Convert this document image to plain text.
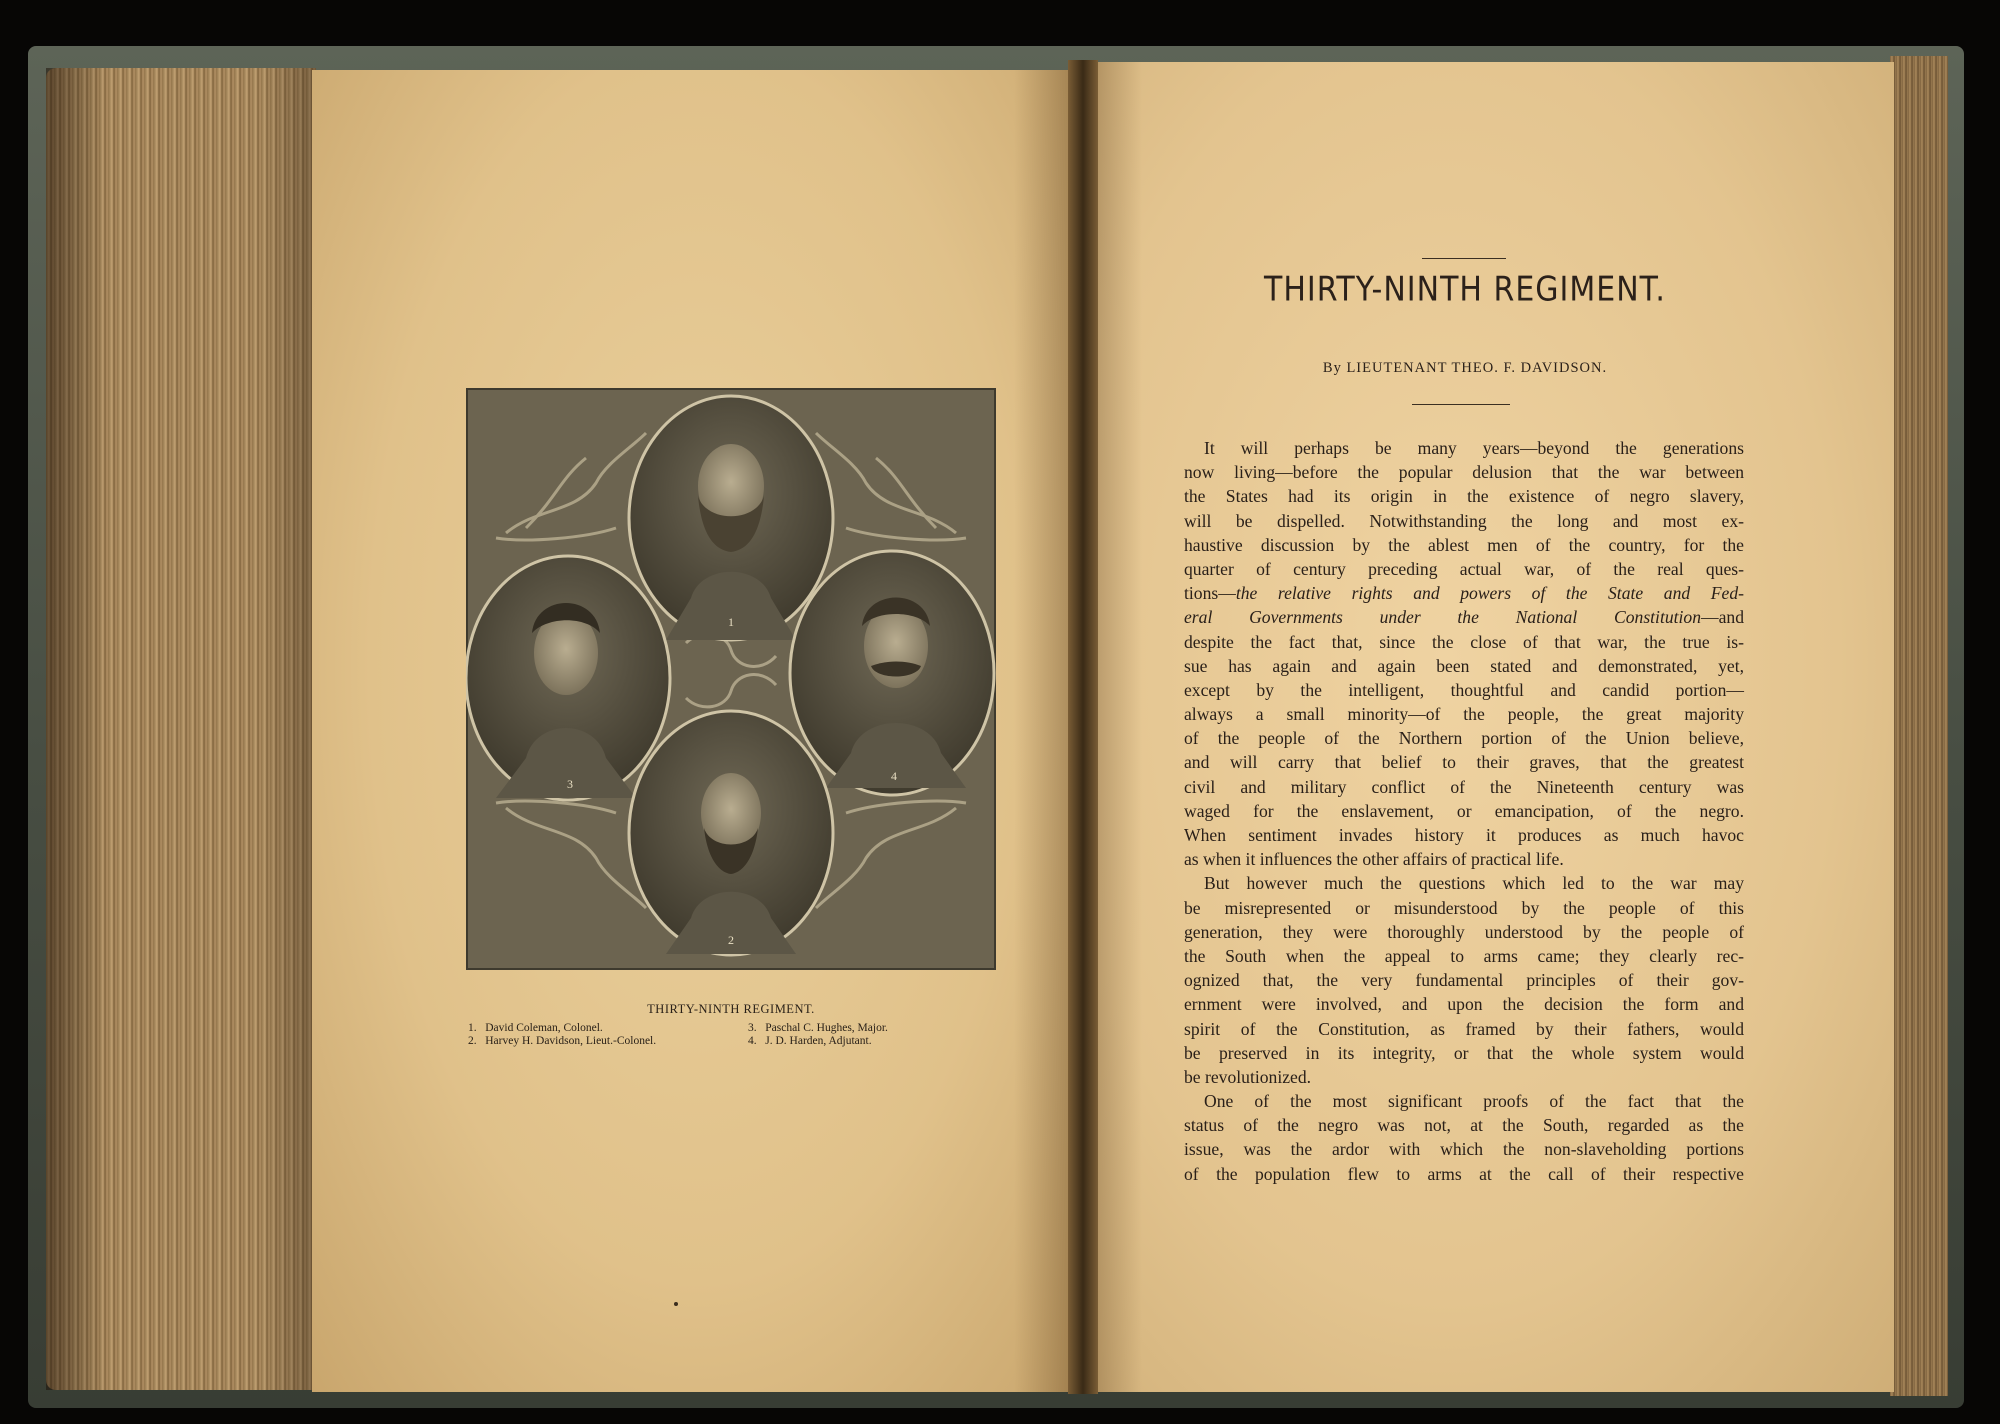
1
3
4
2
THIRTY-NINTH REGIMENT.
1. David Coleman, Colonel.
2. Harvey H. Davidson, Lieut.-Colonel.
3. Paschal C. Hughes, Major.
4. J. D. Harden, Adjutant.
THIRTY-NINTH REGIMENT.
By LIEUTENANT THEO. F. DAVIDSON.
It will perhaps be many years—beyond the generations
now living—before the popular delusion that the war between
the States had its origin in the existence of negro slavery,
will be dispelled. Notwithstanding the long and most ex-
haustive discussion by the ablest men of the country, for the
quarter of century preceding actual war, of the real ques-
tions—the relative rights and powers of the State and Fed-
eral Governments under the National Constitution—and
despite the fact that, since the close of that war, the true is-
sue has again and again been stated and demonstrated, yet,
except by the intelligent, thoughtful and candid portion—
always a small minority—of the people, the great majority
of the people of the Northern portion of the Union believe,
and will carry that belief to their graves, that the greatest
civil and military conflict of the Nineteenth century was
waged for the enslavement, or emancipation, of the negro.
When sentiment invades history it produces as much havoc
as when it influences the other affairs of practical life.
But however much the questions which led to the war may
be misrepresented or misunderstood by the people of this
generation, they were thoroughly understood by the people of
the South when the appeal to arms came; they clearly rec-
ognized that, the very fundamental principles of their gov-
ernment were involved, and upon the decision the form and
spirit of the Constitution, as framed by their fathers, would
be preserved in its integrity, or that the whole system would
be revolutionized.
One of the most significant proofs of the fact that the
status of the negro was not, at the South, regarded as the
issue, was the ardor with which the non-slaveholding portions
of the population flew to arms at the call of their respective
